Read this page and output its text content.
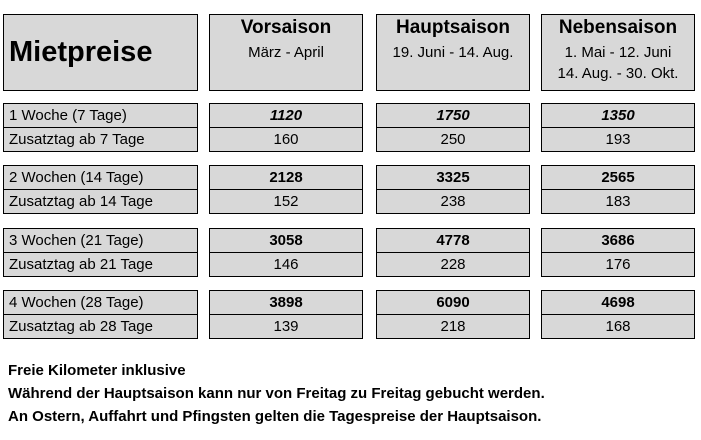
Mietpreise
Vorsaison
März - April
Hauptsaison
19. Juni - 14. Aug.
Nebensaison
1. Mai - 12. Juni
14. Aug. - 30. Okt.
1 Woche (7 Tage)
Zusatztag ab 7 Tage
1120
160
1750
250
1350
193
2 Wochen (14 Tage)
Zusatztag ab 14 Tage
2128
152
3325
238
2565
183
3 Wochen (21 Tage)
Zusatztag ab 21 Tage
3058
146
4778
228
3686
176
4 Wochen (28 Tage)
Zusatztag ab 28 Tage
3898
139
6090
218
4698
168
Freie Kilometer inklusive
Während der Hauptsaison kann nur von Freitag zu Freitag gebucht werden.
An Ostern, Auffahrt und Pfingsten gelten die Tagespreise der Hauptsaison.
